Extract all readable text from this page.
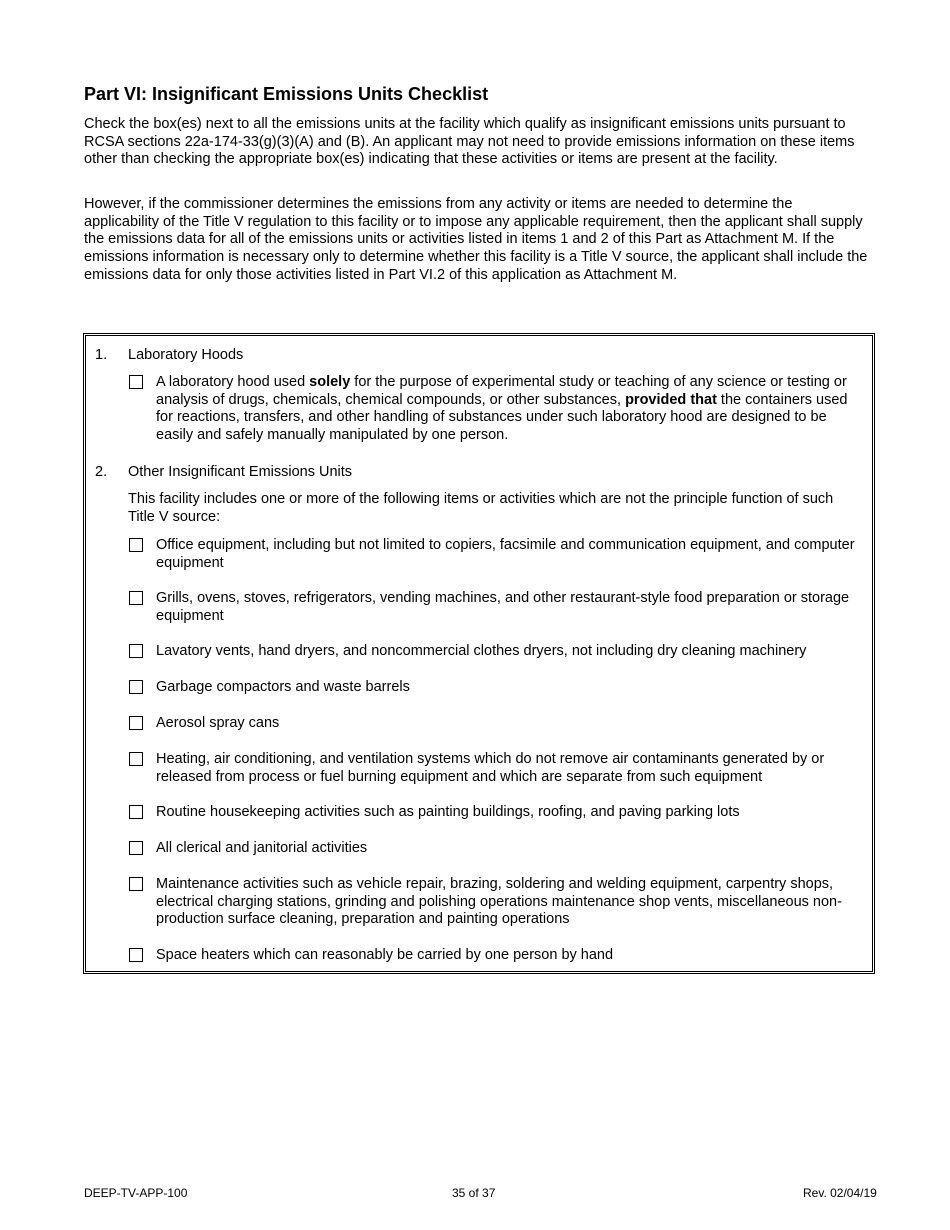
Part VI: Insignificant Emissions Units Checklist

Check the box(es) next to all the emissions units at the facility which qualify as insignificant emissions units pursuant to RCSA sections 22a-174-33(g)(3)(A) and (B). An applicant may not need to provide emissions information on these items other than checking the appropriate box(es) indicating that these activities or items are present at the facility.

However, if the commissioner determines the emissions from any activity or items are needed to determine the applicability of the Title V regulation to this facility or to impose any applicable requirement, then the applicant shall supply the emissions data for all of the emissions units or activities listed in items 1 and 2 of this Part as Attachment M. If the emissions information is necessary only to determine whether this facility is a Title V source, the applicant shall include the emissions data for only those activities listed in Part VI.2 of this application as Attachment M.

1. Laboratory Hoods
A laboratory hood used solely for the purpose of experimental study or teaching of any science or testing or analysis of drugs, chemicals, chemical compounds, or other substances, provided that the containers used for reactions, transfers, and other handling of substances under such laboratory hood are designed to be easily and safely manually manipulated by one person.
2. Other Insignificant Emissions Units
This facility includes one or more of the following items or activities which are not the principle function of such Title V source:
Office equipment, including but not limited to copiers, facsimile and communication equipment, and computer equipment
Grills, ovens, stoves, refrigerators, vending machines, and other restaurant-style food preparation or storage equipment
Lavatory vents, hand dryers, and noncommercial clothes dryers, not including dry cleaning machinery
Garbage compactors and waste barrels
Aerosol spray cans
Heating, air conditioning, and ventilation systems which do not remove air contaminants generated by or released from process or fuel burning equipment and which are separate from such equipment
Routine housekeeping activities such as painting buildings, roofing, and paving parking lots
All clerical and janitorial activities
Maintenance activities such as vehicle repair, brazing, soldering and welding equipment, carpentry shops, electrical charging stations, grinding and polishing operations maintenance shop vents, miscellaneous non-production surface cleaning, preparation and painting operations
Space heaters which can reasonably be carried by one person by hand
DEEP-TV-APP-100	35 of 37	Rev. 02/04/19
